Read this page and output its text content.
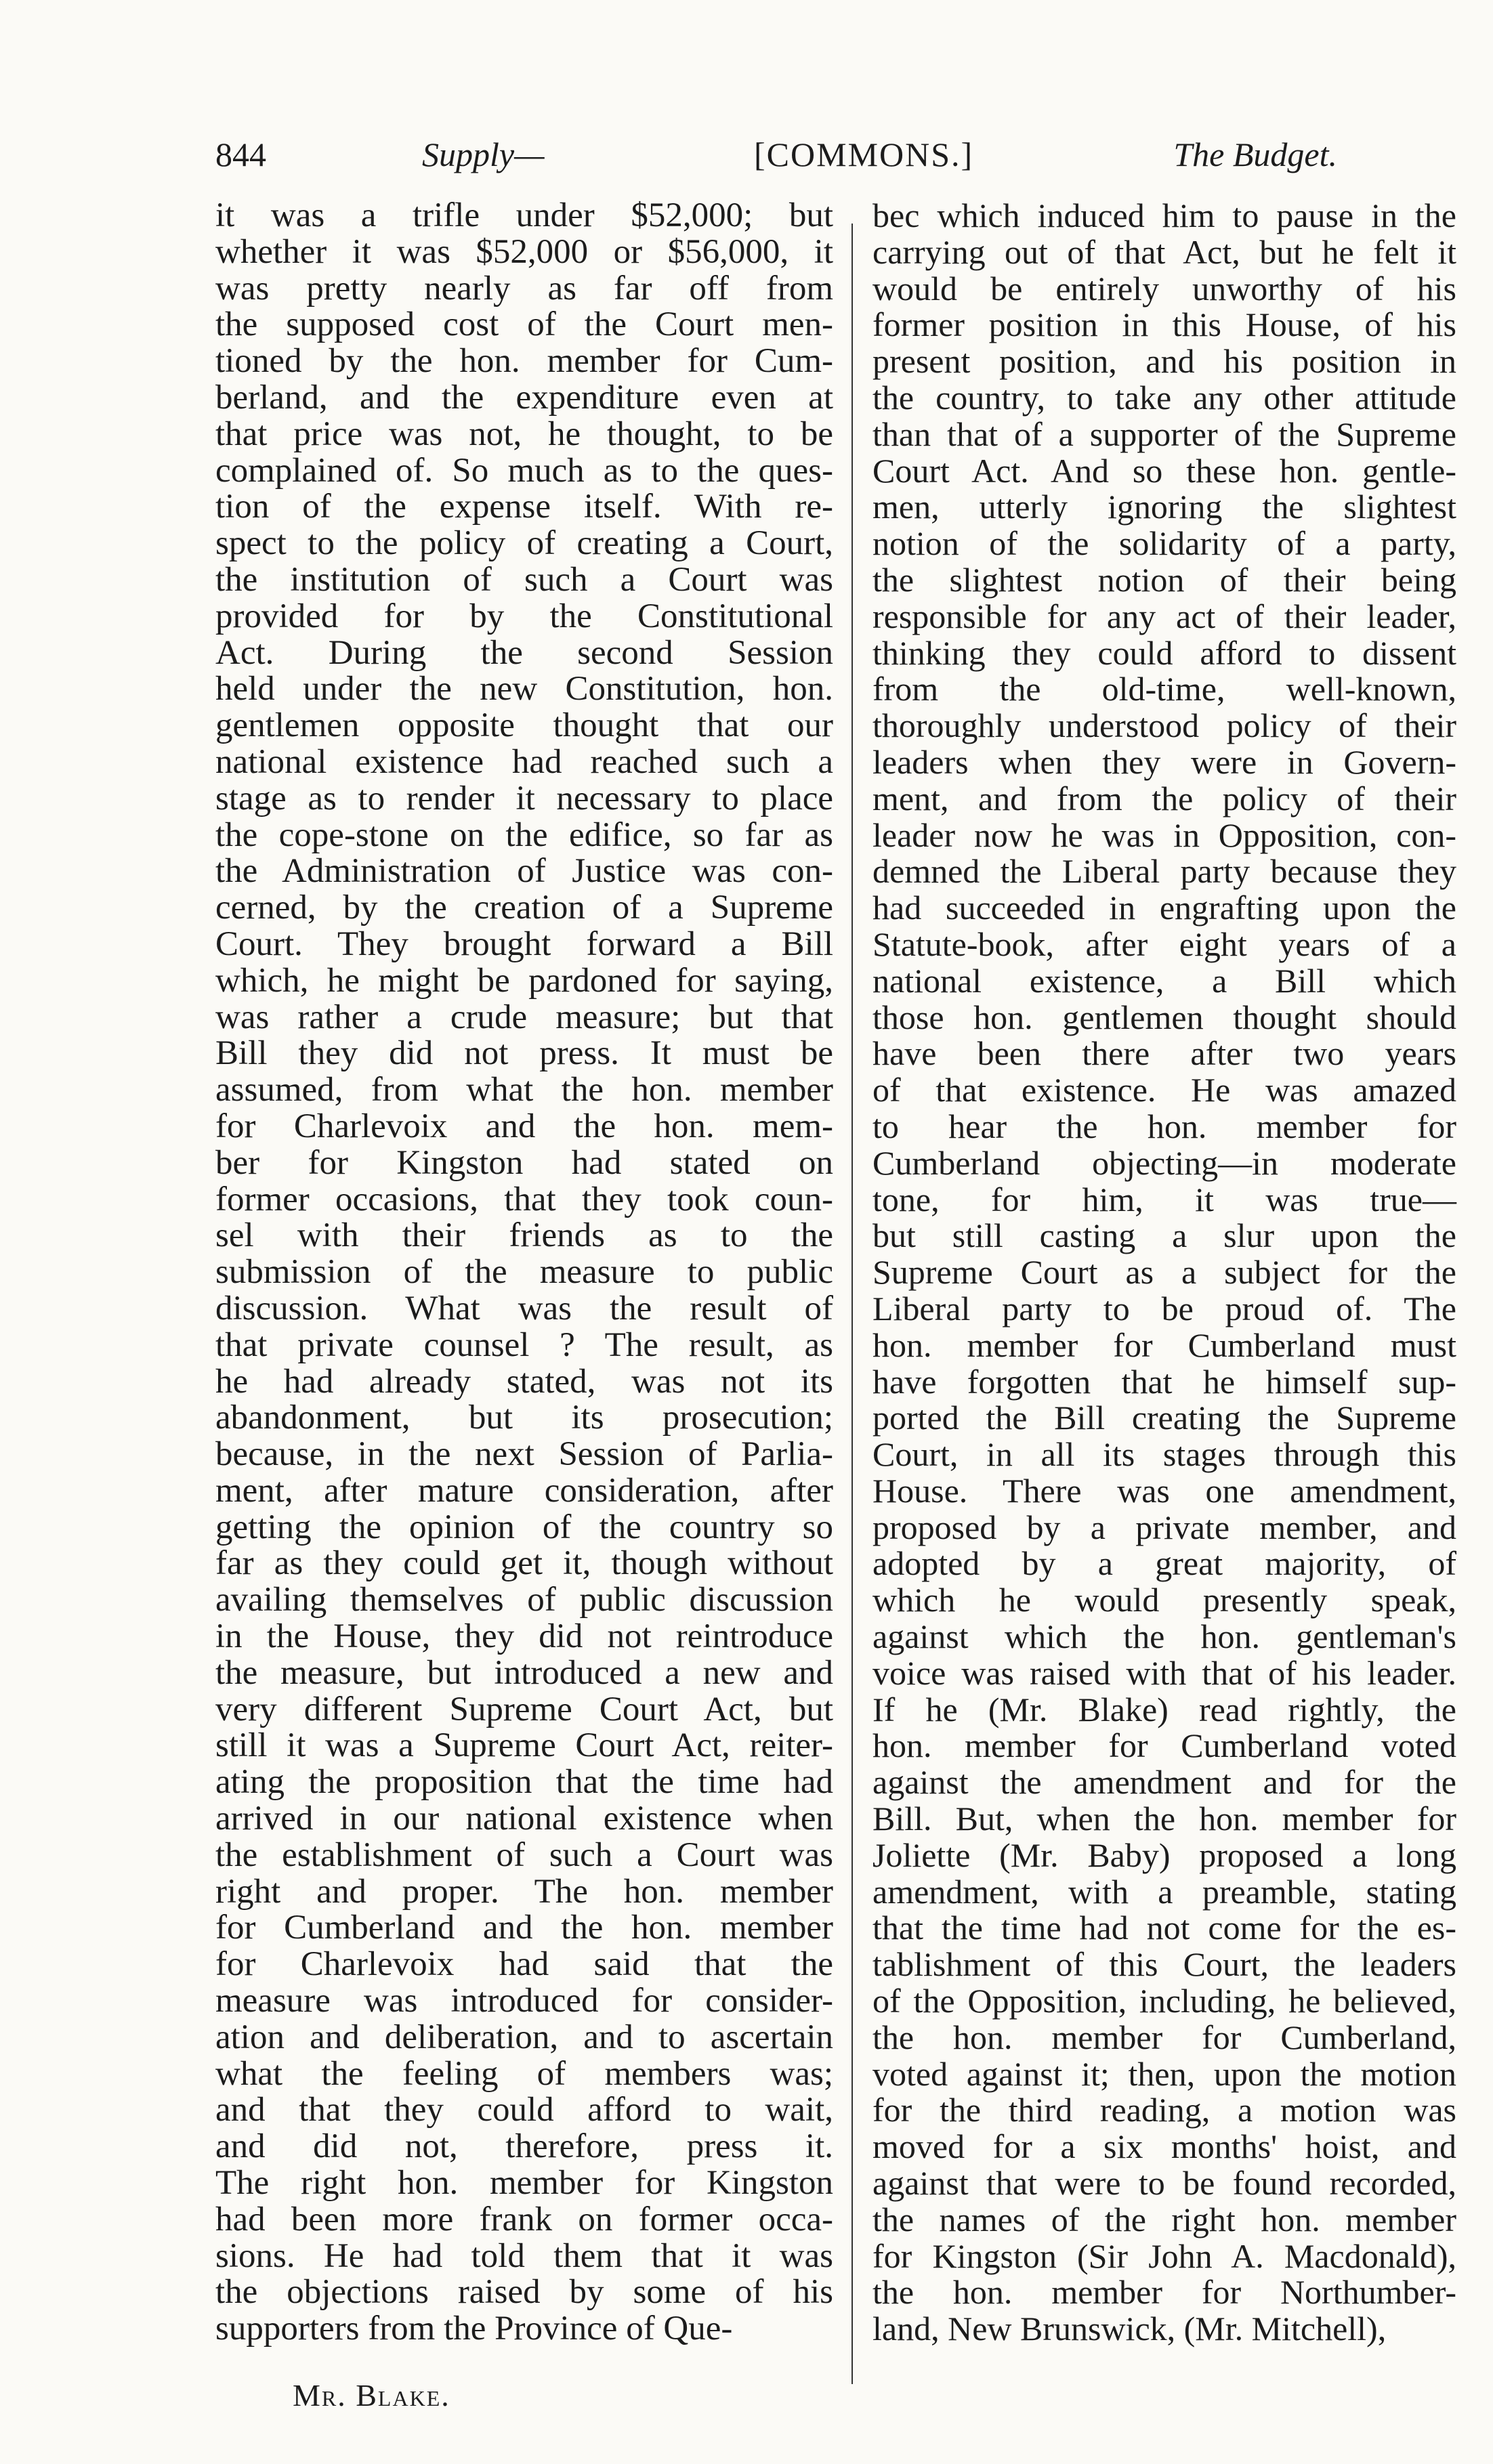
844	Supply—	[COMMONS.]	The Budget.
it was a trifle under $52,000; but
whether it was $52,000 or $56,000, it
was pretty nearly as far off from
the supposed cost of the Court men-
tioned by the hon. member for Cum-
berland, and the expenditure even at
that price was not, he thought, to be
complained of. So much as to the ques-
tion of the expense itself. With re-
spect to the policy of creating a Court,
the institution of such a Court was
provided for by the Constitutional
Act. During the second Session
held under the new Constitution, hon.
gentlemen opposite thought that our
national existence had reached such a
stage as to render it necessary to place
the cope-stone on the edifice, so far as
the Administration of Justice was con-
cerned, by the creation of a Supreme
Court. They brought forward a Bill
which, he might be pardoned for saying,
was rather a crude measure; but that
Bill they did not press. It must be
assumed, from what the hon. member
for Charlevoix and the hon. mem-
ber for Kingston had stated on
former occasions, that they took coun-
sel with their friends as to the
submission of the measure to public
discussion. What was the result of
that private counsel ? The result, as
he had already stated, was not its
abandonment, but its prosecution;
because, in the next Session of Parlia-
ment, after mature consideration, after
getting the opinion of the country so
far as they could get it, though without
availing themselves of public discussion
in the House, they did not reintroduce
the measure, but introduced a new and
very different Supreme Court Act, but
still it was a Supreme Court Act, reiter-
ating the proposition that the time had
arrived in our national existence when
the establishment of such a Court was
right and proper. The hon. member
for Cumberland and the hon. member
for Charlevoix had said that the
measure was introduced for consider-
ation and deliberation, and to ascertain
what the feeling of members was;
and that they could afford to wait,
and did not, therefore, press it.
The right hon. member for Kingston
had been more frank on former occa-
sions. He had told them that it was
the objections raised by some of his
supporters from the Province of Que-
bec which induced him to pause in the
carrying out of that Act, but he felt it
would be entirely unworthy of his
former position in this House, of his
present position, and his position in
the country, to take any other attitude
than that of a supporter of the Supreme
Court Act. And so these hon. gentle-
men, utterly ignoring the slightest
notion of the solidarity of a party,
the slightest notion of their being
responsible for any act of their leader,
thinking they could afford to dissent
from the old-time, well-known,
thoroughly understood policy of their
leaders when they were in Govern-
ment, and from the policy of their
leader now he was in Opposition, con-
demned the Liberal party because they
had succeeded in engrafting upon the
Statute-book, after eight years of a
national existence, a Bill which
those hon. gentlemen thought should
have been there after two years
of that existence. He was amazed
to hear the hon. member for
Cumberland objecting—in moderate
tone, for him, it was true—
but still casting a slur upon the
Supreme Court as a subject for the
Liberal party to be proud of. The
hon. member for Cumberland must
have forgotten that he himself sup-
ported the Bill creating the Supreme
Court, in all its stages through this
House. There was one amendment,
proposed by a private member, and
adopted by a great majority, of
which he would presently speak,
against which the hon. gentleman's
voice was raised with that of his leader.
If he (Mr. Blake) read rightly, the
hon. member for Cumberland voted
against the amendment and for the
Bill. But, when the hon. member for
Joliette (Mr. Baby) proposed a long
amendment, with a preamble, stating
that the time had not come for the es-
tablishment of this Court, the leaders
of the Opposition, including, he believed,
the hon. member for Cumberland,
voted against it; then, upon the motion
for the third reading, a motion was
moved for a six months' hoist, and
against that were to be found recorded,
the names of the right hon. member
for Kingston (Sir John A. Macdonald),
the hon. member for Northumber-
land, New Brunswick, (Mr. Mitchell),
Mr. Blake.
